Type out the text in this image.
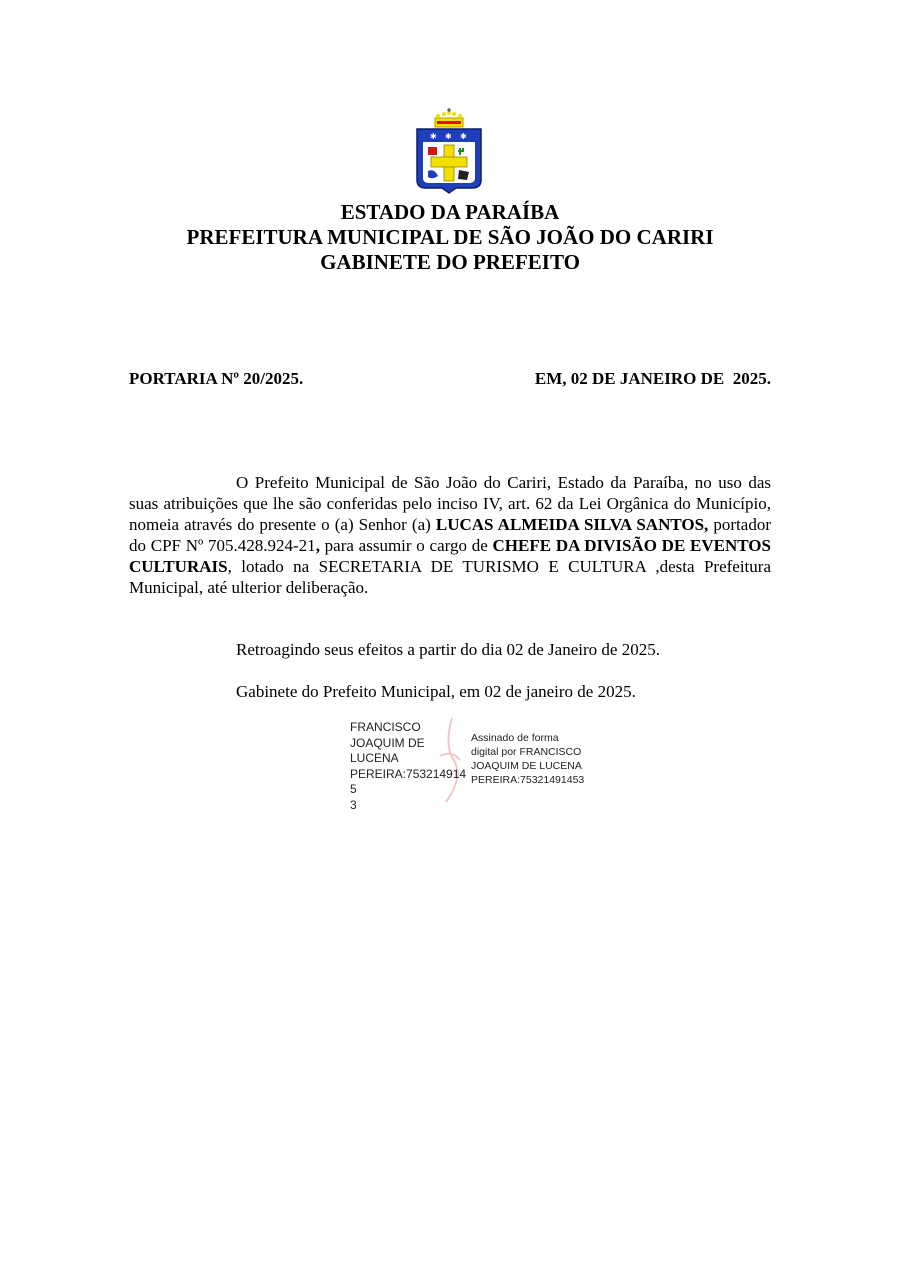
✱ ✱ ✱
ESTADO DA PARAÍBA
PREFEITURA MUNICIPAL DE SÃO JOÃO DO CARIRI
GABINETE DO PREFEITO
PORTARIA Nº 20/2025.	EM, 02 DE JANEIRO DE  2025.

O Prefeito Municipal de São João do Cariri, Estado da Paraíba, no uso das suas atribuições que lhe são conferidas pelo inciso IV, art. 62 da Lei Orgânica do Município, nomeia através do presente o (a) Senhor (a) LUCAS ALMEIDA SILVA SANTOS, portador do CPF Nº 705.428.924-21, para assumir o cargo de CHEFE DA DIVISÃO DE EVENTOS CULTURAIS, lotado na SECRETARIA DE TURISMO E CULTURA ,desta Prefeitura Municipal, até ulterior deliberação.

Retroagindo seus efeitos a partir do dia 02 de Janeiro de 2025.
Gabinete do Prefeito Municipal, em 02 de janeiro de 2025.
FRANCISCO
JOAQUIM DE
LUCENA
PEREIRA:7532149145
3
Assinado de forma
digital por FRANCISCO
JOAQUIM DE LUCENA
PEREIRA:75321491453
